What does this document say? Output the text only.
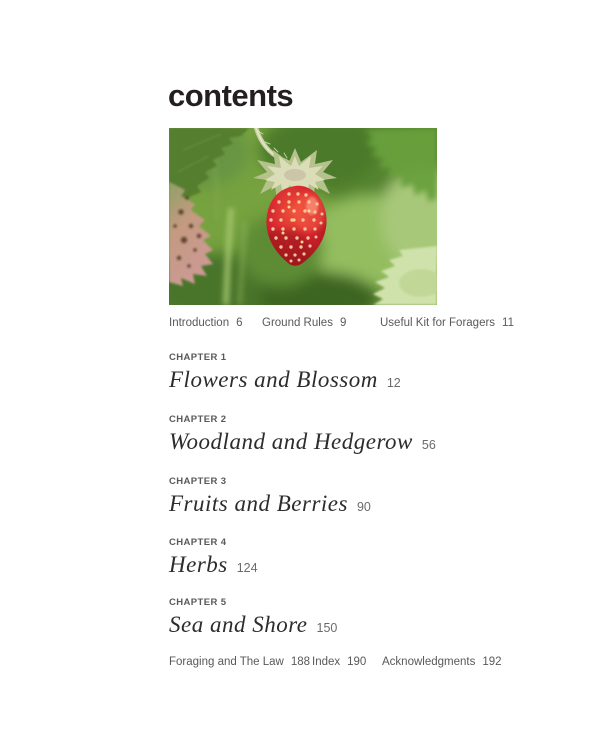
contents
Introduction 6 Ground Rules 9	Useful Kit for Foragers 11
CHAPTER 1
Flowers and Blossom 12
CHAPTER 2
Woodland and Hedgerow 56
CHAPTER 3
Fruits and Berries 90
CHAPTER 4
Herbs 124
CHAPTER 5
Sea and Shore 150
Foraging and The Law 188 Index 190 Acknowledgments 192
